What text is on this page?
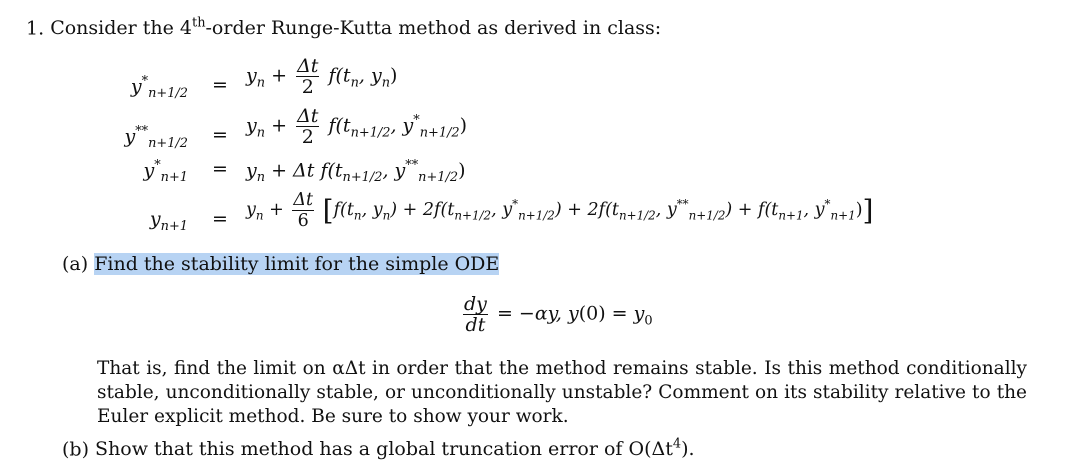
1. Consider the 4th-order Runge-Kutta method as derived in class:
$y^*_{n+1/2} = y_n + \frac{\Delta t}{2} f(t_n$, $y_n$)
$y^{**}_{n+1/2} = y_n + \frac{\Delta t}{2} f(t_{n+1/2}$, $y^*_{n+1/2}$)
$y^*_{n+1} = y_n + \Delta t$ $f(t_{n+1/2}$, $y^{**}_{n+1/2}$)
$y_{n+1} = y_n + \frac{\Delta t}{6} [f(t_n$, $y_n) + 2f(t_{n+1/2}$, $y^*_{n+1/2}) + 2f(t_{n+1/2}$, $y^{**}_{n+1/2}) + f(t_{n+1}$, $y^*_{n+1}$)]
(a) Find the stability limit for the simple ODE
$\frac{dy}{dt} = -\alpha y$, $y(0) = y_0$
That is, find the limit on αΔt in order that the method remains stable. Is this method conditionally stable, unconditionally stable, or unconditionally unstable? Comment on its stability relative to the Euler explicit method. Be sure to show your work.
(b) Show that this method has a global truncation error of $O(\Delta t^4)$.
